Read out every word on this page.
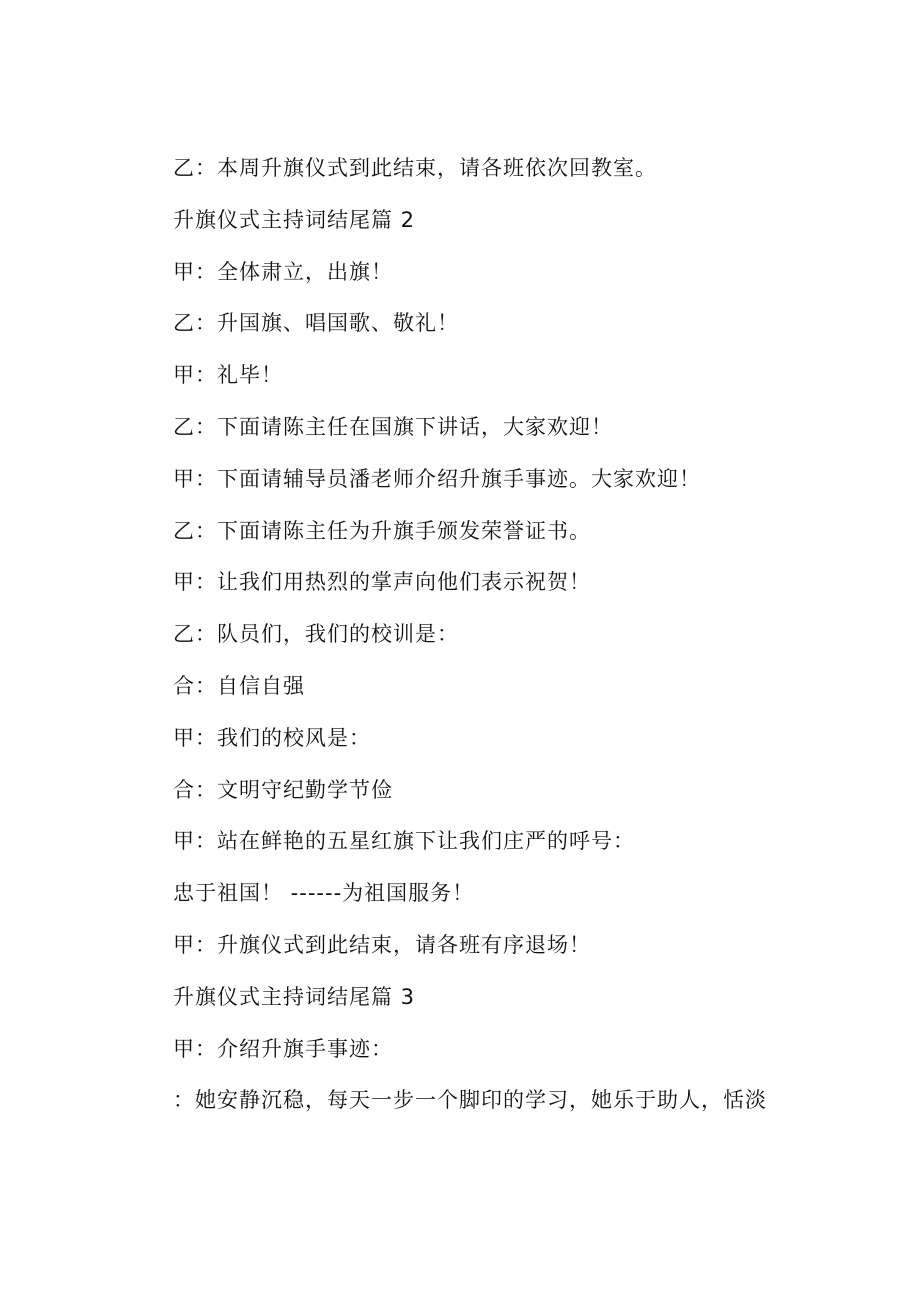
乙：本周升旗仪式到此结束，请各班依次回教室。
升旗仪式主持词结尾篇 2
甲：全体肃立，出旗！
乙：升国旗、唱国歌、敬礼！
甲：礼毕！
乙：下面请陈主任在国旗下讲话，大家欢迎！
甲：下面请辅导员潘老师介绍升旗手事迹。大家欢迎！
乙：下面请陈主任为升旗手颁发荣誉证书。
甲：让我们用热烈的掌声向他们表示祝贺！
乙：队员们，我们的校训是：
合：自信自强
甲：我们的校风是：
合：文明守纪勤学节俭
甲：站在鲜艳的五星红旗下让我们庄严的呼号：
忠于祖国！ ------为祖国服务！
甲：升旗仪式到此结束，请各班有序退场！
升旗仪式主持词结尾篇 3
甲：介绍升旗手事迹：
：她安静沉稳，每天一步一个脚印的学习，她乐于助人，恬淡
